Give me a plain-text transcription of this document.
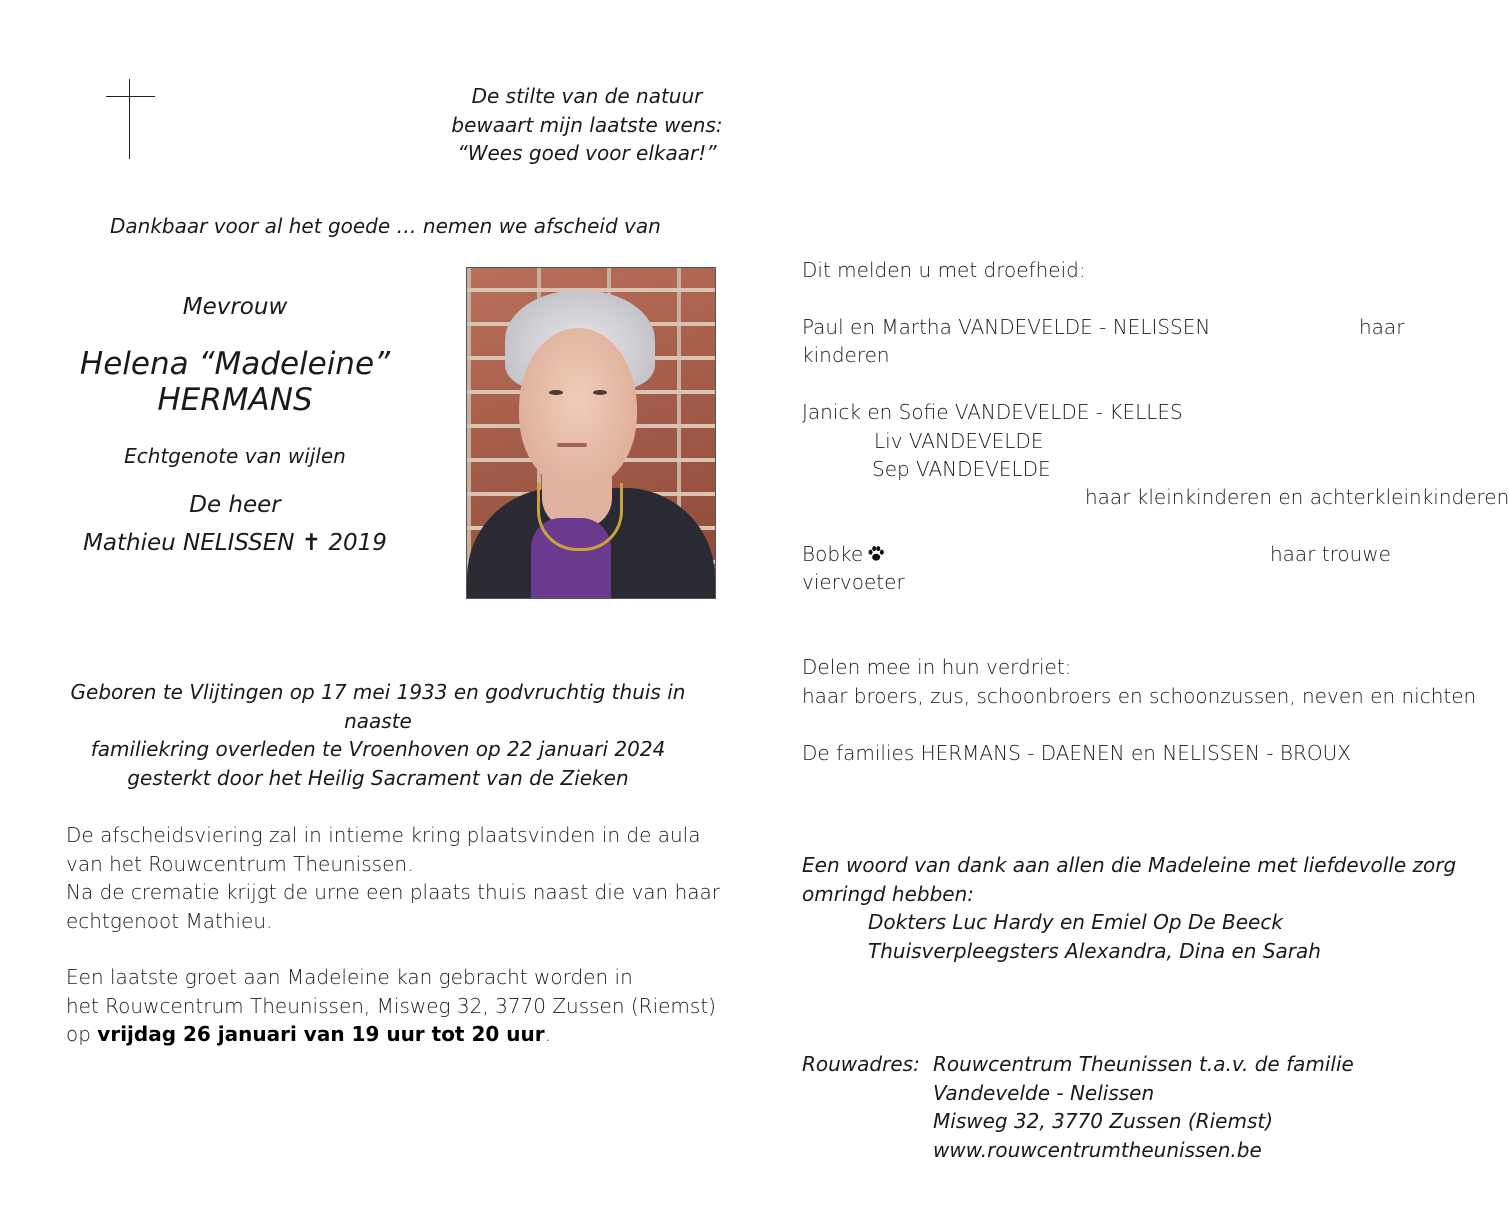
De stilte van de natuur
bewaart mijn laatste wens:
“Wees goed voor elkaar!”
Dankbaar voor al het goede … nemen we afscheid van
Mevrouw
Helena “Madeleine”
HERMANS
Echtgenote van wijlen
De heer
Mathieu NELISSEN ✝ 2019
Geboren te Vlijtingen op 17 mei 1933 en godvruchtig thuis in naaste
familiekring overleden te Vroenhoven op 22 januari 2024
gesterkt door het Heilig Sacrament van de Zieken
De afscheidsviering zal in intieme kring plaatsvinden in de aula
van het Rouwcentrum Theunissen.
Na de crematie krijgt de urne een plaats thuis naast die van haar
echtgenoot Mathieu.
Een laatste groet aan Madeleine kan gebracht worden in
het Rouwcentrum Theunissen, Misweg 32, 3770 Zussen (Riemst)
op vrijdag 26 januari van 19 uur tot 20 uur.
Dit melden u met droefheid:
Paul en Martha VANDEVELDE - NELISSEN	haar
kinderen
Janick en Sofie VANDEVELDE - KELLES
Liv VANDEVELDE
Sep VANDEVELDE
haar kleinkinderen en achterkleinkinderen
Bobke	haar trouwe
viervoeter
Delen mee in hun verdriet:
haar broers, zus, schoonbroers en schoonzussen, neven en nichten
De families HERMANS - DAENEN en NELISSEN - BROUX
Een woord van dank aan allen die Madeleine met liefdevolle zorg
omringd hebben:
Dokters Luc Hardy en Emiel Op De Beeck
Thuisverpleegsters Alexandra, Dina en Sarah
Rouwadres: Rouwcentrum Theunissen t.a.v. de familie
Vandevelde - Nelissen
Misweg 32, 3770 Zussen (Riemst)
www.rouwcentrumtheunissen.be
